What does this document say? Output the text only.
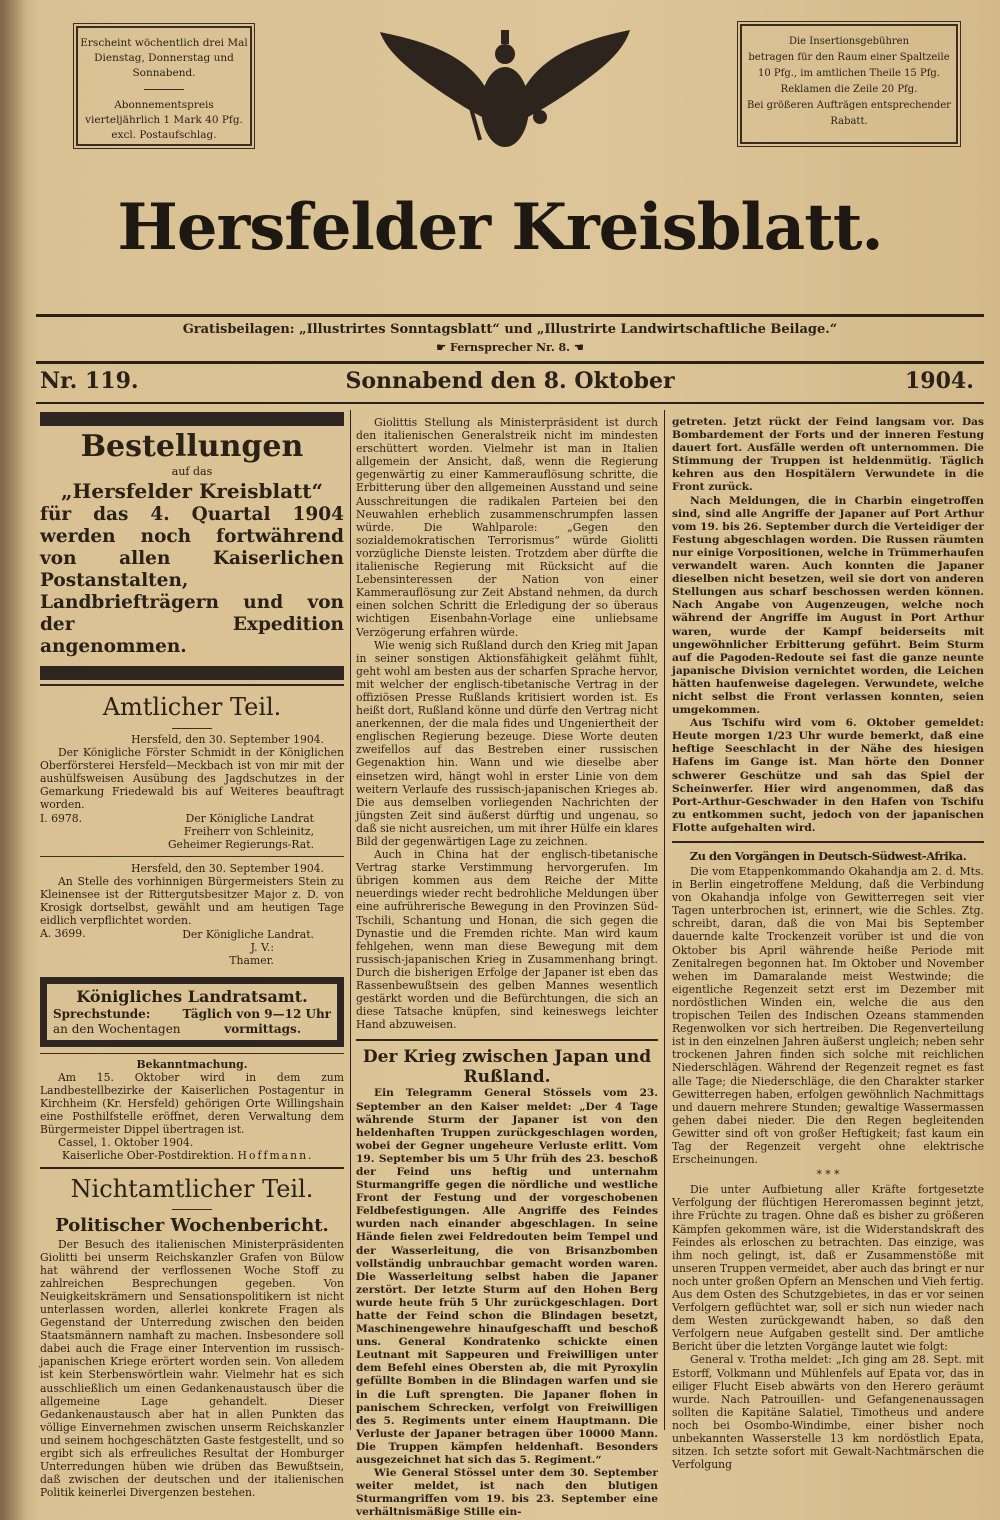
Erscheint wöchentlich drei Mal
Dienstag, Donnerstag und Sonnabend.
Abonnementspreis
vierteljährlich 1 Mark 40 Pfg.
excl. Postaufschlag.
Die Insertionsgebühren
betragen für den Raum einer Spaltzeile
10 Pfg., im amtlichen Theile 15 Pfg.
Reklamen die Zeile 20 Pfg.
Bei größeren Aufträgen entsprechender
Rabatt.
Hersfelder Kreisblatt.
Gratisbeilagen: „Illustrirtes Sonntagsblatt“ und „Illustrirte Landwirtschaftliche Beilage.“
☛ Fernsprecher Nr. 8. ☚
Nr. 119.	Sonnabend den 8. Oktober	1904.
Bestellungen
auf das
„Hersfelder Kreisblatt“
für das 4. Quartal 1904 werden noch fortwährend von allen Kaiserlichen Postanstalten, Landbriefträgern und von der Expedition angenommen.
Amtlicher Teil.
Hersfeld, den 30. September 1904.

Der Königliche Förster Schmidt in der Königlichen Oberförsterei Hersfeld—Meckbach ist von mir mit der aushülfsweisen Ausübung des Jagdschutzes in der Gemarkung Friedewald bis auf Weiteres beauftragt worden.

I. 6978.	Der Königliche Landrat
Freiherr von Schleinitz,
Geheimer Regierungs-Rat.
Hersfeld, den 30. September 1904.

An Stelle des vorhinnigen Bürgermeisters Stein zu Kleinensee ist der Rittergutsbesitzer Major z. D. von Krosigk dortselbst, gewählt und am heutigen Tage eidlich verpflichtet worden.

A. 3699.	Der Königliche Landrat.
J. V.:
Thamer.
Königliches Landratsamt.
Sprechstunde:	Täglich von 9—12 Uhr
an den Wochentagen	vormittags.
Bekanntmachung.

Am 15. Oktober wird in dem zum Landbestellbezirke der Kaiserlichen Postagentur in Kirchheim (Kr. Hersfeld) gehörigen Orte Willingshain eine Posthilfstelle eröffnet, deren Verwaltung dem Bürgermeister Dippel übertragen ist.

Cassel, 1. Oktober 1904.

Kaiserliche Ober-Postdirektion. Hoffmann.
Nichtamtlicher Teil.
Politischer Wochenbericht.

Der Besuch des italienischen Ministerpräsidenten Giolitti bei unserm Reichskanzler Grafen von Bülow hat während der verflossenen Woche Stoff zu zahlreichen Besprechungen gegeben. Von Neuigkeitskrämern und Sensationspolitikern ist nicht unterlassen worden, allerlei konkrete Fragen als Gegenstand der Unterredung zwischen den beiden Staatsmännern namhaft zu machen. Insbesondere soll dabei auch die Frage einer Intervention im russisch-japanischen Kriege erörtert worden sein. Von alledem ist kein Sterbenswörtlein wahr. Vielmehr hat es sich ausschließlich um einen Gedankenaustausch über die allgemeine Lage gehandelt. Dieser Gedankenaustausch aber hat in allen Punkten das völlige Einvernehmen zwischen unserm Reichskanzler und seinem hochgeschätzten Gaste festgestellt, und so ergibt sich als erfreuliches Resultat der Homburger Unterredungen hüben wie drüben das Bewußtsein, daß zwischen der deutschen und der italienischen Politik keinerlei Divergenzen bestehen.

Giolittis Stellung als Ministerpräsident ist durch den italienischen Generalstreik nicht im mindesten erschüttert worden. Vielmehr ist man in Italien allgemein der Ansicht, daß, wenn die Regierung gegenwärtig zu einer Kammerauflösung schritte, die Erbitterung über den allgemeinen Ausstand und seine Ausschreitungen die radikalen Parteien bei den Neuwahlen erheblich zusammenschrumpfen lassen würde. Die Wahlparole: „Gegen den sozialdemokratischen Terrorismus“ würde Giolitti vorzügliche Dienste leisten. Trotzdem aber dürfte die italienische Regierung mit Rücksicht auf die Lebensinteressen der Nation von einer Kammerauflösung zur Zeit Abstand nehmen, da durch einen solchen Schritt die Erledigung der so überaus wichtigen Eisenbahn-Vorlage eine unliebsame Verzögerung erfahren würde.

Wie wenig sich Rußland durch den Krieg mit Japan in seiner sonstigen Aktionsfähigkeit gelähmt fühlt, geht wohl am besten aus der scharfen Sprache hervor, mit welcher der englisch-tibetanische Vertrag in der offiziösen Presse Rußlands kritisiert worden ist. Es heißt dort, Rußland könne und dürfe den Vertrag nicht anerkennen, der die mala fides und Ungeniertheit der englischen Regierung bezeuge. Diese Worte deuten zweifellos auf das Bestreben einer russischen Gegenaktion hin. Wann und wie dieselbe aber einsetzen wird, hängt wohl in erster Linie von dem weitern Verlaufe des russisch-japanischen Krieges ab. Die aus demselben vorliegenden Nachrichten der jüngsten Zeit sind äußerst dürftig und ungenau, so daß sie nicht ausreichen, um mit ihrer Hülfe ein klares Bild der gegenwärtigen Lage zu zeichnen.

Auch in China hat der englisch-tibetanische Vertrag starke Verstimmung hervorgerufen. Im übrigen kommen aus dem Reiche der Mitte neuerdings wieder recht bedrohliche Meldungen über eine aufrührerische Bewegung in den Provinzen Süd-Tschili, Schantung und Honan, die sich gegen die Dynastie und die Fremden richte. Man wird kaum fehlgehen, wenn man diese Bewegung mit dem russisch-japanischen Krieg in Zusammenhang bringt. Durch die bisherigen Erfolge der Japaner ist eben das Rassenbewußtsein des gelben Mannes wesentlich gestärkt worden und die Befürchtungen, die sich an diese Tatsache knüpfen, sind keineswegs leichter Hand abzuweisen.

Der Krieg zwischen Japan und Rußland.

Ein Telegramm General Stössels vom 23. September an den Kaiser meldet: „Der 4 Tage währende Sturm der Japaner ist von den heldenhaften Truppen zurückgeschlagen worden, wobei der Gegner ungeheure Verluste erlitt. Vom 19. September bis um 5 Uhr früh des 23. beschoß der Feind uns heftig und unternahm Sturmangriffe gegen die nördliche und westliche Front der Festung und der vorgeschobenen Feldbefestigungen. Alle Angriffe des Feindes wurden nach einander abgeschlagen. In seine Hände fielen zwei Feldredouten beim Tempel und der Wasserleitung, die von Brisanzbomben vollständig unbrauchbar gemacht worden waren. Die Wasserleitung selbst haben die Japaner zerstört. Der letzte Sturm auf den Hohen Berg wurde heute früh 5 Uhr zurückgeschlagen. Dort hatte der Feind schon die Blindagen besetzt, Maschinengewehre hinaufgeschafft und beschoß uns. General Kondratenko schickte einen Leutnant mit Sappeuren und Freiwilligen unter dem Befehl eines Obersten ab, die mit Pyroxylin gefüllte Bomben in die Blindagen warfen und sie in die Luft sprengten. Die Japaner flohen in panischem Schrecken, verfolgt von Freiwilligen des 5. Regiments unter einem Hauptmann. Die Verluste der Japaner betragen über 10000 Mann. Die Truppen kämpfen heldenhaft. Besonders ausgezeichnet hat sich das 5. Regiment.“

Wie General Stössel unter dem 30. September weiter meldet, ist nach den blutigen Sturmangriffen vom 19. bis 23. September eine verhältnismäßige Stille ein-

getreten. Jetzt rückt der Feind langsam vor. Das Bombardement der Forts und der inneren Festung dauert fort. Ausfälle werden oft unternommen. Die Stimmung der Truppen ist heldenmütig. Täglich kehren aus den Hospitälern Verwundete in die Front zurück.

Nach Meldungen, die in Charbin eingetroffen sind, sind alle Angriffe der Japaner auf Port Arthur vom 19. bis 26. September durch die Verteidiger der Festung abgeschlagen worden. Die Russen räumten nur einige Vorpositionen, welche in Trümmerhaufen verwandelt waren. Auch konnten die Japaner dieselben nicht besetzen, weil sie dort von anderen Stellungen aus scharf beschossen werden können. Nach Angabe von Augenzeugen, welche noch während der Angriffe im August in Port Arthur waren, wurde der Kampf beiderseits mit ungewöhnlicher Erbitterung geführt. Beim Sturm auf die Pagoden-Redoute sei fast die ganze neunte japanische Division vernichtet worden, die Leichen hätten haufenweise dagelegen. Verwundete, welche nicht selbst die Front verlassen konnten, seien umgekommen.

Aus Tschifu wird vom 6. Oktober gemeldet: Heute morgen 1/23 Uhr wurde bemerkt, daß eine heftige Seeschlacht in der Nähe des hiesigen Hafens im Gange ist. Man hörte den Donner schwerer Geschütze und sah das Spiel der Scheinwerfer. Hier wird angenommen, daß das Port-Arthur-Geschwader in den Hafen von Tschifu zu entkommen sucht, jedoch von der japanischen Flotte aufgehalten wird.

Zu den Vorgängen in Deutsch-Südwest-Afrika.

Die vom Etappenkommando Okahandja am 2. d. Mts. in Berlin eingetroffene Meldung, daß die Verbindung von Okahandja infolge von Gewitterregen seit vier Tagen unterbrochen ist, erinnert, wie die Schles. Ztg. schreibt, daran, daß die von Mai bis September dauernde kalte Trockenzeit vorüber ist und die von Oktober bis April währende heiße Periode mit Zenitalregen begonnen hat. Im Oktober und November wehen im Damaralande meist Westwinde; die eigentliche Regenzeit setzt erst im Dezember mit nordöstlichen Winden ein, welche die aus den tropischen Teilen des Indischen Ozeans stammenden Regenwolken vor sich hertreiben. Die Regenverteilung ist in den einzelnen Jahren äußerst ungleich; neben sehr trockenen Jahren finden sich solche mit reichlichen Niederschlägen. Während der Regenzeit regnet es fast alle Tage; die Niederschläge, die den Charakter starker Gewitterregen haben, erfolgen gewöhnlich Nachmittags und dauern mehrere Stunden; gewaltige Wassermassen gehen dabei nieder. Die den Regen begleitenden Gewitter sind oft von großer Heftigkeit; fast kaum ein Tag der Regenzeit vergeht ohne elektrische Erscheinungen.

* * *

Die unter Aufbietung aller Kräfte fortgesetzte Verfolgung der flüchtigen Hereromassen beginnt jetzt, ihre Früchte zu tragen. Ohne daß es bisher zu größeren Kämpfen gekommen wäre, ist die Widerstandskraft des Feindes als erloschen zu betrachten. Das einzige, was ihm noch gelingt, ist, daß er Zusammenstöße mit unseren Truppen vermeidet, aber auch das bringt er nur noch unter großen Opfern an Menschen und Vieh fertig. Aus dem Osten des Schutzgebietes, in das er vor seinen Verfolgern geflüchtet war, soll er sich nun wieder nach dem Westen zurückgewandt haben, so daß den Verfolgern neue Aufgaben gestellt sind. Der amtliche Bericht über die letzten Vorgänge lautet wie folgt:

General v. Trotha meldet: „Ich ging am 28. Sept. mit Estorff, Volkmann und Mühlenfels auf Epata vor, das in eiliger Flucht Eiseb abwärts von den Herero geräumt wurde. Nach Patrouillen- und Gefangenenaussagen sollten die Kapitäne Salatiel, Timotheus und andere noch bei Osombo-Windimbe, einer bisher noch unbekannten Wasserstelle 13 km nordöstlich Epata, sitzen. Ich setzte sofort mit Gewalt-Nachtmärschen die Verfolgung
